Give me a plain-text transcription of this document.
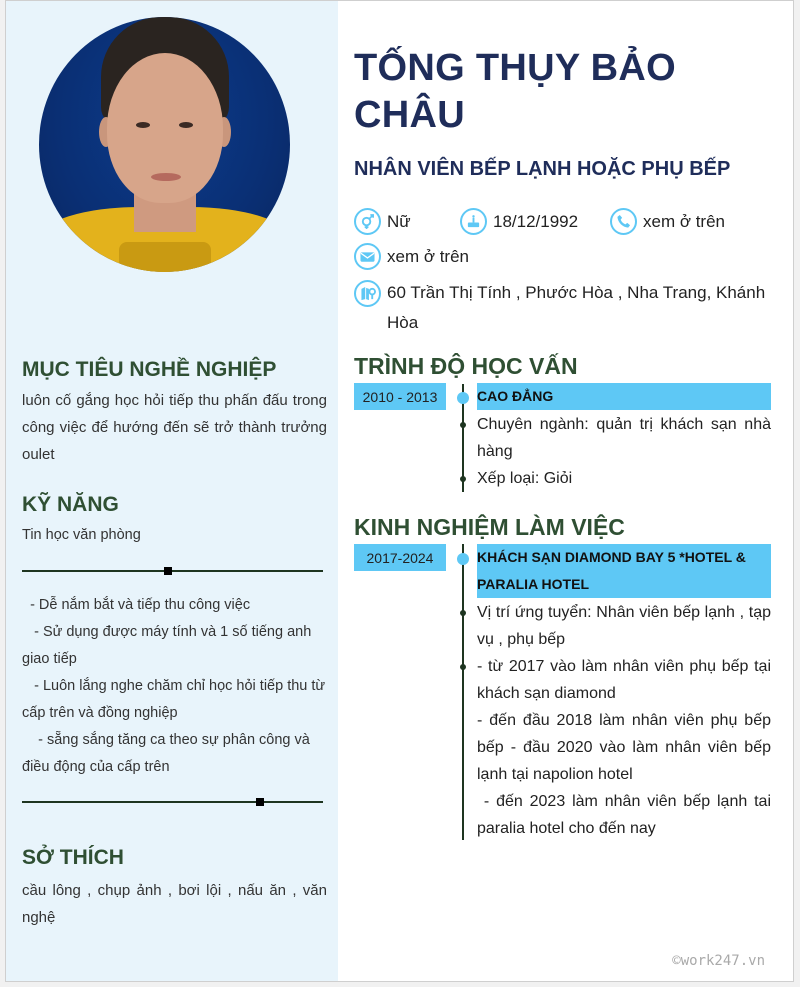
MỤC TIÊU NGHỀ NGHIỆP
luôn cố gắng học hỏi tiếp thu phấn đấu trong công việc để hướng đến sẽ trở thành trưởng oulet
KỸ NĂNG
Tin học văn phòng
- Dễ nắm bắt và tiếp thu công việc
- Sử dụng được máy tính và 1 số tiếng anh giao tiếp
- Luôn lắng nghe chăm chỉ học hỏi tiếp thu từ cấp trên và đồng nghiệp
- sẵng sắng tăng ca theo sự phân công và điều động của cấp trên
SỞ THÍCH
cầu lông , chụp ảnh , bơi lội , nấu ăn , văn nghệ
TỐNG THỤY BẢO
CHÂU
NHÂN VIÊN BẾP LẠNH HOẶC PHỤ BẾP
Nữ	18/12/1992	xem ở trên
xem ở trên
60 Trần Thị Tính , Phước Hòa , Nha Trang, Khánh Hòa
TRÌNH ĐỘ HỌC VẤN
2010 - 2013	CAO ĐẲNG
Chuyên ngành: quản trị khách sạn nhà hàng
Xếp loại: Giỏi
KINH NGHIỆM LÀM VIỆC
2017-2024	KHÁCH SẠN DIAMOND BAY 5 *HOTEL & PARALIA HOTEL
Vị trí ứng tuyển: Nhân viên bếp lạnh , tạp vụ , phụ bếp
- từ 2017 vào làm nhân viên phụ bếp tại khách sạn diamond
- đến đầu 2018 làm nhân viên phụ bếp bếp - đầu 2020 vào làm nhân viên bếp lạnh tại napolion hotel
- đến 2023 làm nhân viên bếp lạnh tai paralia hotel cho đến nay
©work247.vn
